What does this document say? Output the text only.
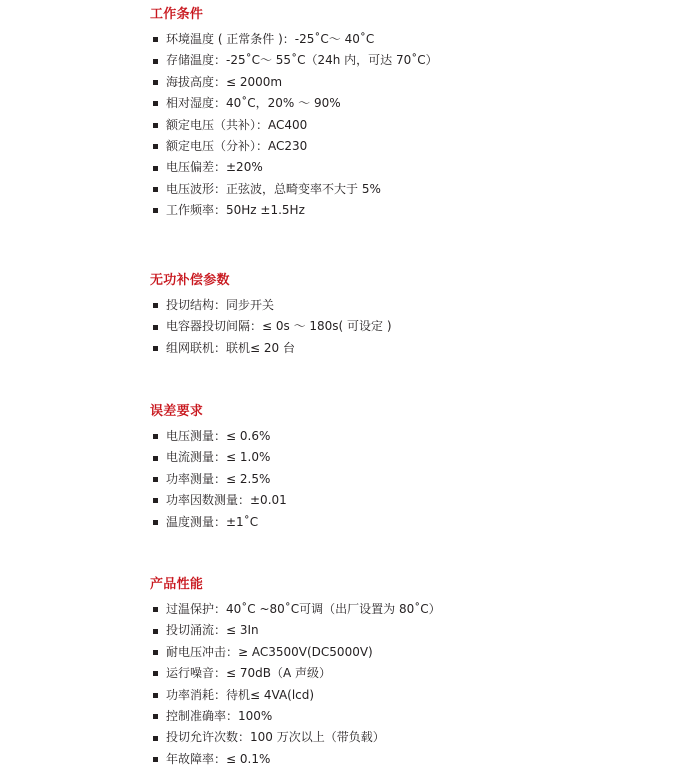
工作条件
环境温度 ( 正常条件 )：-25˚C～ 40˚C
存储温度：-25˚C～ 55˚C（24h 内，可达 70˚C）
海拔高度：≤ 2000m
相对湿度：40˚C，20% ～ 90%
额定电压（共补）：AC400
额定电压（分补）：AC230
电压偏差：±20%
电压波形：正弦波，总畸变率不大于 5%
工作频率：50Hz ±1.5Hz
无功补偿参数
投切结构：同步开关
电容器投切间隔：≤ 0s ～ 180s( 可设定 )
组网联机：联机≤ 20 台
误差要求
电压测量：≤ 0.6%
电流测量：≤ 1.0%
功率测量：≤ 2.5%
功率因数测量：±0.01
温度测量：±1˚C
产品性能
过温保护：40˚C ~80˚C可调（出厂设置为 80˚C）
投切涌流：≤ 3In
耐电压冲击：≥ AC3500V(DC5000V)
运行噪音：≤ 70dB（A 声级）
功率消耗：待机≤ 4VA(lcd)
控制准确率：100%
投切允许次数：100 万次以上（带负载）
年故障率：≤ 0.1%
